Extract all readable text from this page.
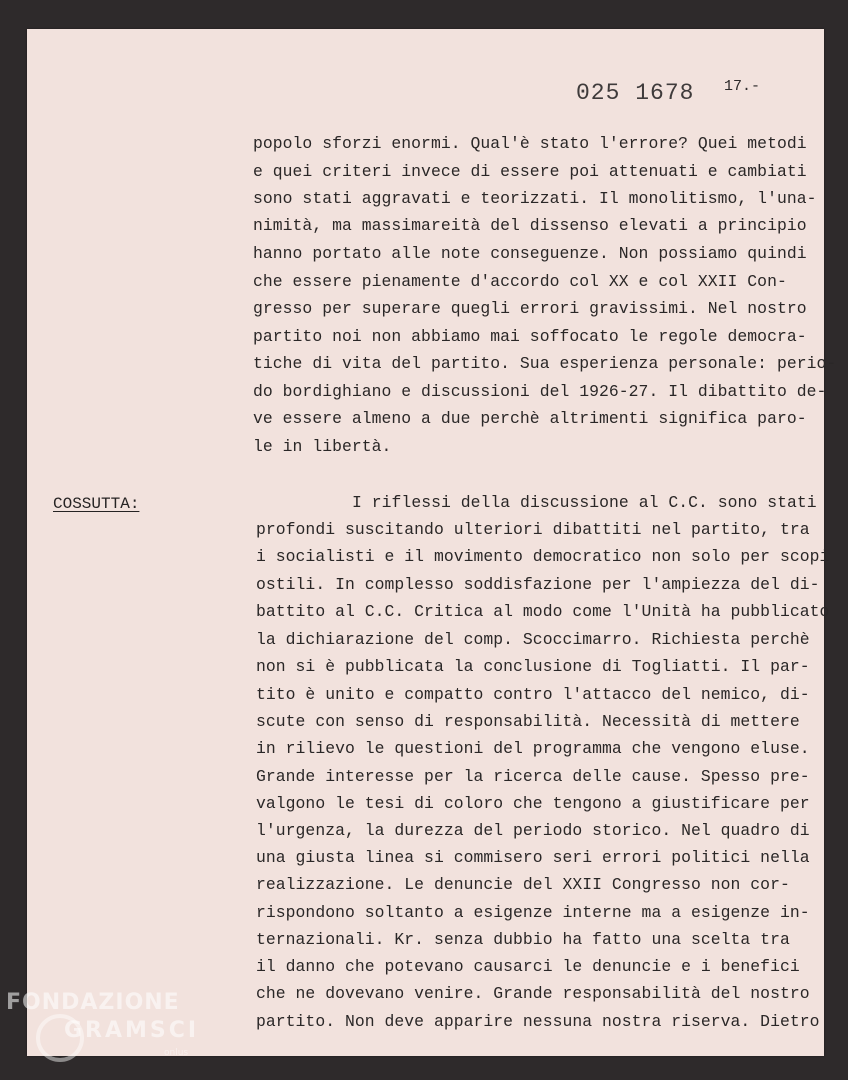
025 1678 17.-
popolo sforzi enormi. Qual'è stato l'errore? Quei metodi
e quei criteri invece di essere poi attenuati e cambiati
sono stati aggravati e teorizzati. Il monolitismo, l'una-
nimità, ma massimareità del dissenso elevati a principio
hanno portato alle note conseguenze. Non possiamo quindi
che essere pienamente d'accordo col XX e col XXII Con-
gresso per superare quegli errori gravissimi. Nel nostro
partito noi non abbiamo mai soffocato le regole democra-
tiche di vita del partito. Sua esperienza personale: perio-
do bordighiano e discussioni del 1926-27. Il dibattito de-
ve essere almeno a due perchè altrimenti significa paro-
le in libertà.
COSSUTTA:	I riflessi della discussione al C.C. sono stati
profondi suscitando ulteriori dibattiti nel partito, tra
i socialisti e il movimento democratico non solo per scopi
ostili. In complesso soddisfazione per l'ampiezza del di-
battito al C.C. Critica al modo come l'Unità ha pubblicato
la dichiarazione del comp. Scoccimarro. Richiesta perchè
non si è pubblicata la conclusione di Togliatti. Il par-
tito è unito e compatto contro l'attacco del nemico, di-
scute con senso di responsabilità. Necessità di mettere
in rilievo le questioni del programma che vengono eluse.
Grande interesse per la ricerca delle cause. Spesso pre-
valgono le tesi di coloro che tengono a giustificare per
l'urgenza, la durezza del periodo storico. Nel quadro di
una giusta linea si commisero seri errori politici nella
realizzazione. Le denuncie del XXII Congresso non cor-
rispondono soltanto a esigenze interne ma a esigenze in-
ternazionali. Kr. senza dubbio ha fatto una scelta tra
il danno che potevano causarci le denuncie e i benefici
che ne dovevano venire. Grande responsabilità del nostro
partito. Non deve apparire nessuna nostra riserva. Dietro
FONDAZIONE
GRAMSCI
onlus
